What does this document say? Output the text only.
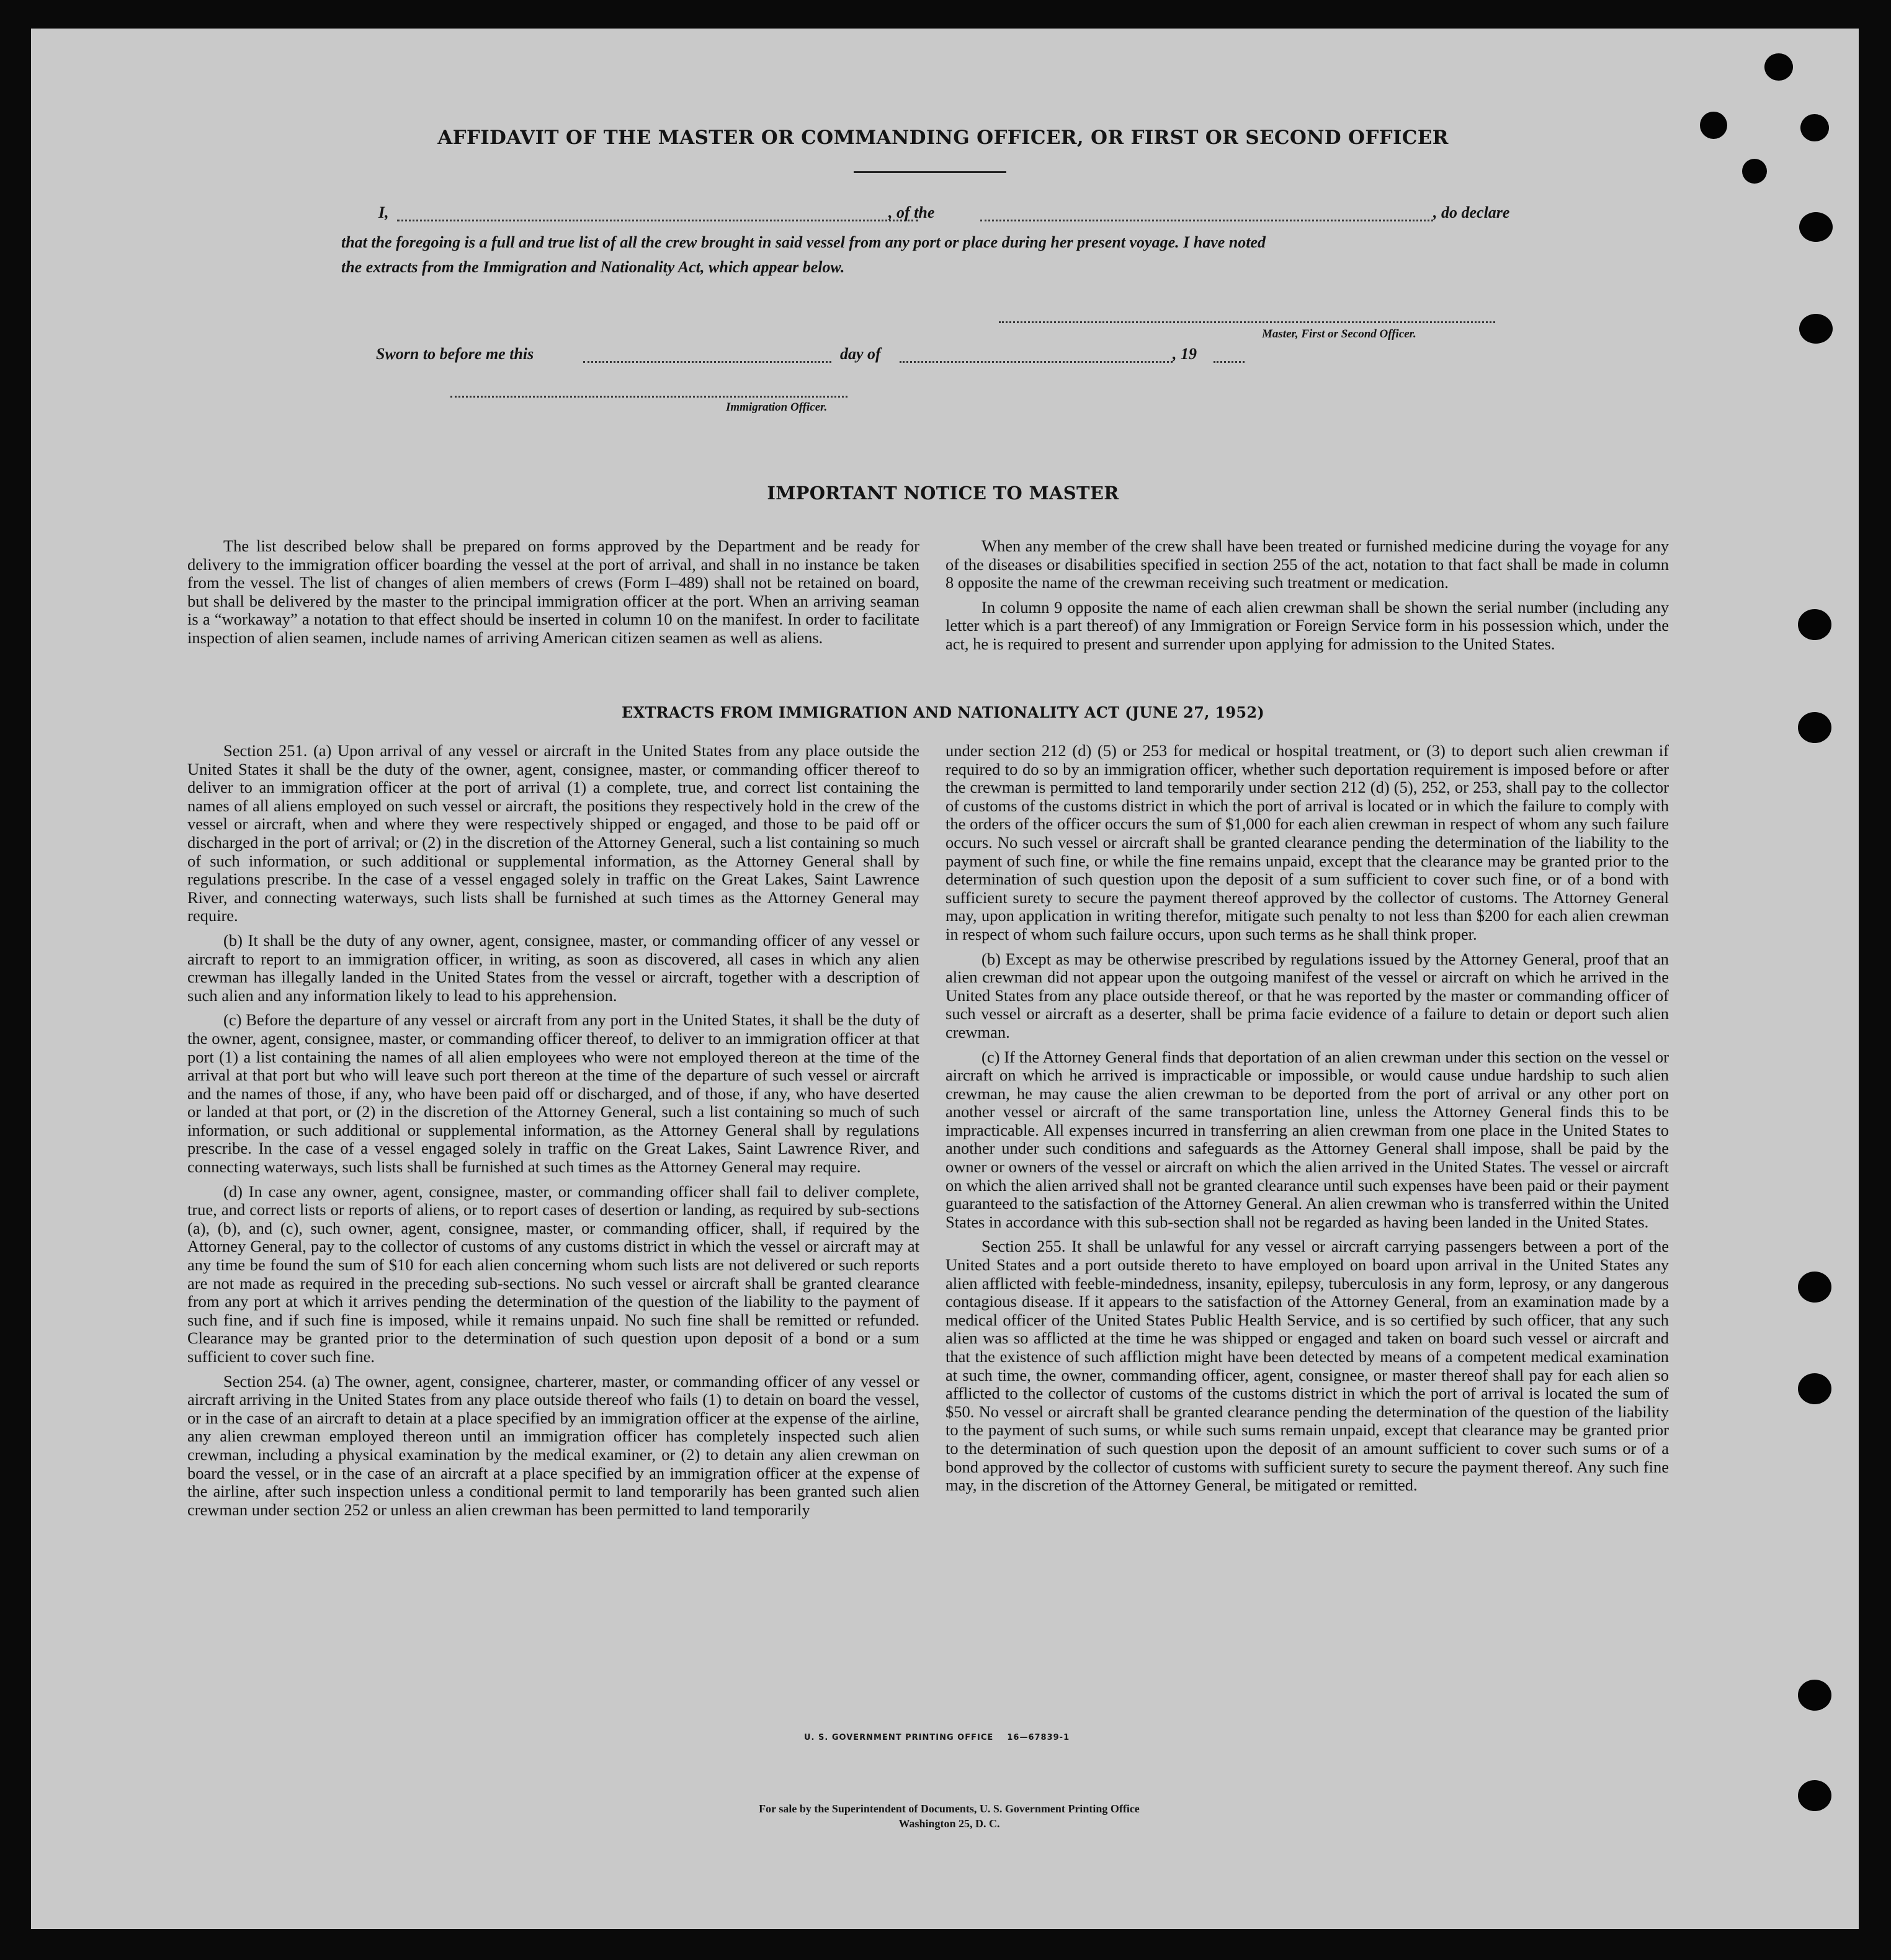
AFFIDAVIT OF THE MASTER OR COMMANDING OFFICER, OR FIRST OR SECOND OFFICER
I,	, of the	, do declare
that the foregoing is a full and true list of all the crew brought in said vessel from any port or place during her present voyage. I have noted
the extracts from the Immigration and Nationality Act, which appear below.
Master, First or Second Officer.
Sworn to before me this	day of	, 19
Immigration Officer.
IMPORTANT NOTICE TO MASTER

The list described below shall be prepared on forms approved by the Department and be ready for delivery to the immigration officer boarding the vessel at the port of arrival, and shall in no instance be taken from the vessel. The list of changes of alien members of crews (Form I–489) shall not be retained on board, but shall be delivered by the master to the principal immigration officer at the port. When an arriving seaman is a “workaway” a notation to that effect should be inserted in column 10 on the manifest. In order to facilitate inspection of alien seamen, include names of arriving American citizen seamen as well as aliens.

When any member of the crew shall have been treated or furnished medicine during the voyage for any of the diseases or disabilities specified in section 255 of the act, notation to that fact shall be made in column 8 opposite the name of the crewman receiving such treatment or medication.

In column 9 opposite the name of each alien crewman shall be shown the serial number (including any letter which is a part thereof) of any Immigration or Foreign Service form in his possession which, under the act, he is required to present and surrender upon applying for admission to the United States.

EXTRACTS FROM IMMIGRATION AND NATIONALITY ACT (JUNE 27, 1952)

Section 251. (a) Upon arrival of any vessel or aircraft in the United States from any place outside the United States it shall be the duty of the owner, agent, consignee, master, or commanding officer thereof to deliver to an immigration officer at the port of arrival (1) a complete, true, and correct list containing the names of all aliens employed on such vessel or aircraft, the positions they respectively hold in the crew of the vessel or aircraft, when and where they were respectively shipped or engaged, and those to be paid off or discharged in the port of arrival; or (2) in the discretion of the Attorney General, such a list containing so much of such information, or such additional or supplemental information, as the Attorney General shall by regulations prescribe. In the case of a vessel engaged solely in traffic on the Great Lakes, Saint Lawrence River, and connecting waterways, such lists shall be furnished at such times as the Attorney General may require.

(b) It shall be the duty of any owner, agent, consignee, master, or commanding officer of any vessel or aircraft to report to an immigration officer, in writing, as soon as discovered, all cases in which any alien crewman has illegally landed in the United States from the vessel or aircraft, together with a description of such alien and any information likely to lead to his apprehension.

(c) Before the departure of any vessel or aircraft from any port in the United States, it shall be the duty of the owner, agent, consignee, master, or commanding officer thereof, to deliver to an immigration officer at that port (1) a list containing the names of all alien employees who were not employed thereon at the time of the arrival at that port but who will leave such port thereon at the time of the departure of such vessel or aircraft and the names of those, if any, who have been paid off or discharged, and of those, if any, who have deserted or landed at that port, or (2) in the discretion of the Attorney General, such a list containing so much of such information, or such additional or supplemental information, as the Attorney General shall by regulations prescribe. In the case of a vessel engaged solely in traffic on the Great Lakes, Saint Lawrence River, and connecting waterways, such lists shall be furnished at such times as the Attorney General may require.

(d) In case any owner, agent, consignee, master, or commanding officer shall fail to deliver complete, true, and correct lists or reports of aliens, or to report cases of desertion or landing, as required by sub-sections (a), (b), and (c), such owner, agent, consignee, master, or commanding officer, shall, if required by the Attorney General, pay to the collector of customs of any customs district in which the vessel or aircraft may at any time be found the sum of $10 for each alien concerning whom such lists are not delivered or such reports are not made as required in the preceding sub-sections. No such vessel or aircraft shall be granted clearance from any port at which it arrives pending the determination of the question of the liability to the payment of such fine, and if such fine is imposed, while it remains unpaid. No such fine shall be remitted or refunded. Clearance may be granted prior to the determination of such question upon deposit of a bond or a sum sufficient to cover such fine.

Section 254. (a) The owner, agent, consignee, charterer, master, or commanding officer of any vessel or aircraft arriving in the United States from any place outside thereof who fails (1) to detain on board the vessel, or in the case of an aircraft to detain at a place specified by an immigration officer at the expense of the airline, any alien crewman employed thereon until an immigration officer has completely inspected such alien crewman, including a physical examination by the medical examiner, or (2) to detain any alien crewman on board the vessel, or in the case of an aircraft at a place specified by an immigration officer at the expense of the airline, after such inspection unless a conditional permit to land temporarily has been granted such alien crewman under section 252 or unless an alien crewman has been permitted to land temporarily

under section 212 (d) (5) or 253 for medical or hospital treatment, or (3) to deport such alien crewman if required to do so by an immigration officer, whether such deportation requirement is imposed before or after the crewman is permitted to land temporarily under section 212 (d) (5), 252, or 253, shall pay to the collector of customs of the customs district in which the port of arrival is located or in which the failure to comply with the orders of the officer occurs the sum of $1,000 for each alien crewman in respect of whom any such failure occurs. No such vessel or aircraft shall be granted clearance pending the determination of the liability to the payment of such fine, or while the fine remains unpaid, except that the clearance may be granted prior to the determination of such question upon the deposit of a sum sufficient to cover such fine, or of a bond with sufficient surety to secure the payment thereof approved by the collector of customs. The Attorney General may, upon application in writing therefor, mitigate such penalty to not less than $200 for each alien crewman in respect of whom such failure occurs, upon such terms as he shall think proper.

(b) Except as may be otherwise prescribed by regulations issued by the Attorney General, proof that an alien crewman did not appear upon the outgoing manifest of the vessel or aircraft on which he arrived in the United States from any place outside thereof, or that he was reported by the master or commanding officer of such vessel or aircraft as a deserter, shall be prima facie evidence of a failure to detain or deport such alien crewman.

(c) If the Attorney General finds that deportation of an alien crewman under this section on the vessel or aircraft on which he arrived is impracticable or impossible, or would cause undue hardship to such alien crewman, he may cause the alien crewman to be deported from the port of arrival or any other port on another vessel or aircraft of the same transportation line, unless the Attorney General finds this to be impracticable. All expenses incurred in transferring an alien crewman from one place in the United States to another under such conditions and safeguards as the Attorney General shall impose, shall be paid by the owner or owners of the vessel or aircraft on which the alien arrived in the United States. The vessel or aircraft on which the alien arrived shall not be granted clearance until such expenses have been paid or their payment guaranteed to the satisfaction of the Attorney General. An alien crewman who is transferred within the United States in accordance with this sub-section shall not be regarded as having been landed in the United States.

Section 255. It shall be unlawful for any vessel or aircraft carrying passengers between a port of the United States and a port outside thereto to have employed on board upon arrival in the United States any alien afflicted with feeble-mindedness, insanity, epilepsy, tuberculosis in any form, leprosy, or any dangerous contagious disease. If it appears to the satisfaction of the Attorney General, from an examination made by a medical officer of the United States Public Health Service, and is so certified by such officer, that any such alien was so afflicted at the time he was shipped or engaged and taken on board such vessel or aircraft and that the existence of such affliction might have been detected by means of a competent medical examination at such time, the owner, commanding officer, agent, consignee, or master thereof shall pay for each alien so afflicted to the collector of customs of the customs district in which the port of arrival is located the sum of $50. No vessel or aircraft shall be granted clearance pending the determination of the question of the liability to the payment of such sums, or while such sums remain unpaid, except that clearance may be granted prior to the determination of such question upon the deposit of an amount sufficient to cover such sums or of a bond approved by the collector of customs with sufficient surety to secure the payment thereof. Any such fine may, in the discretion of the Attorney General, be mitigated or remitted.

U. S. GOVERNMENT PRINTING OFFICE    16—67839-1
For sale by the Superintendent of Documents, U. S. Government Printing Office
Washington 25, D. C.
